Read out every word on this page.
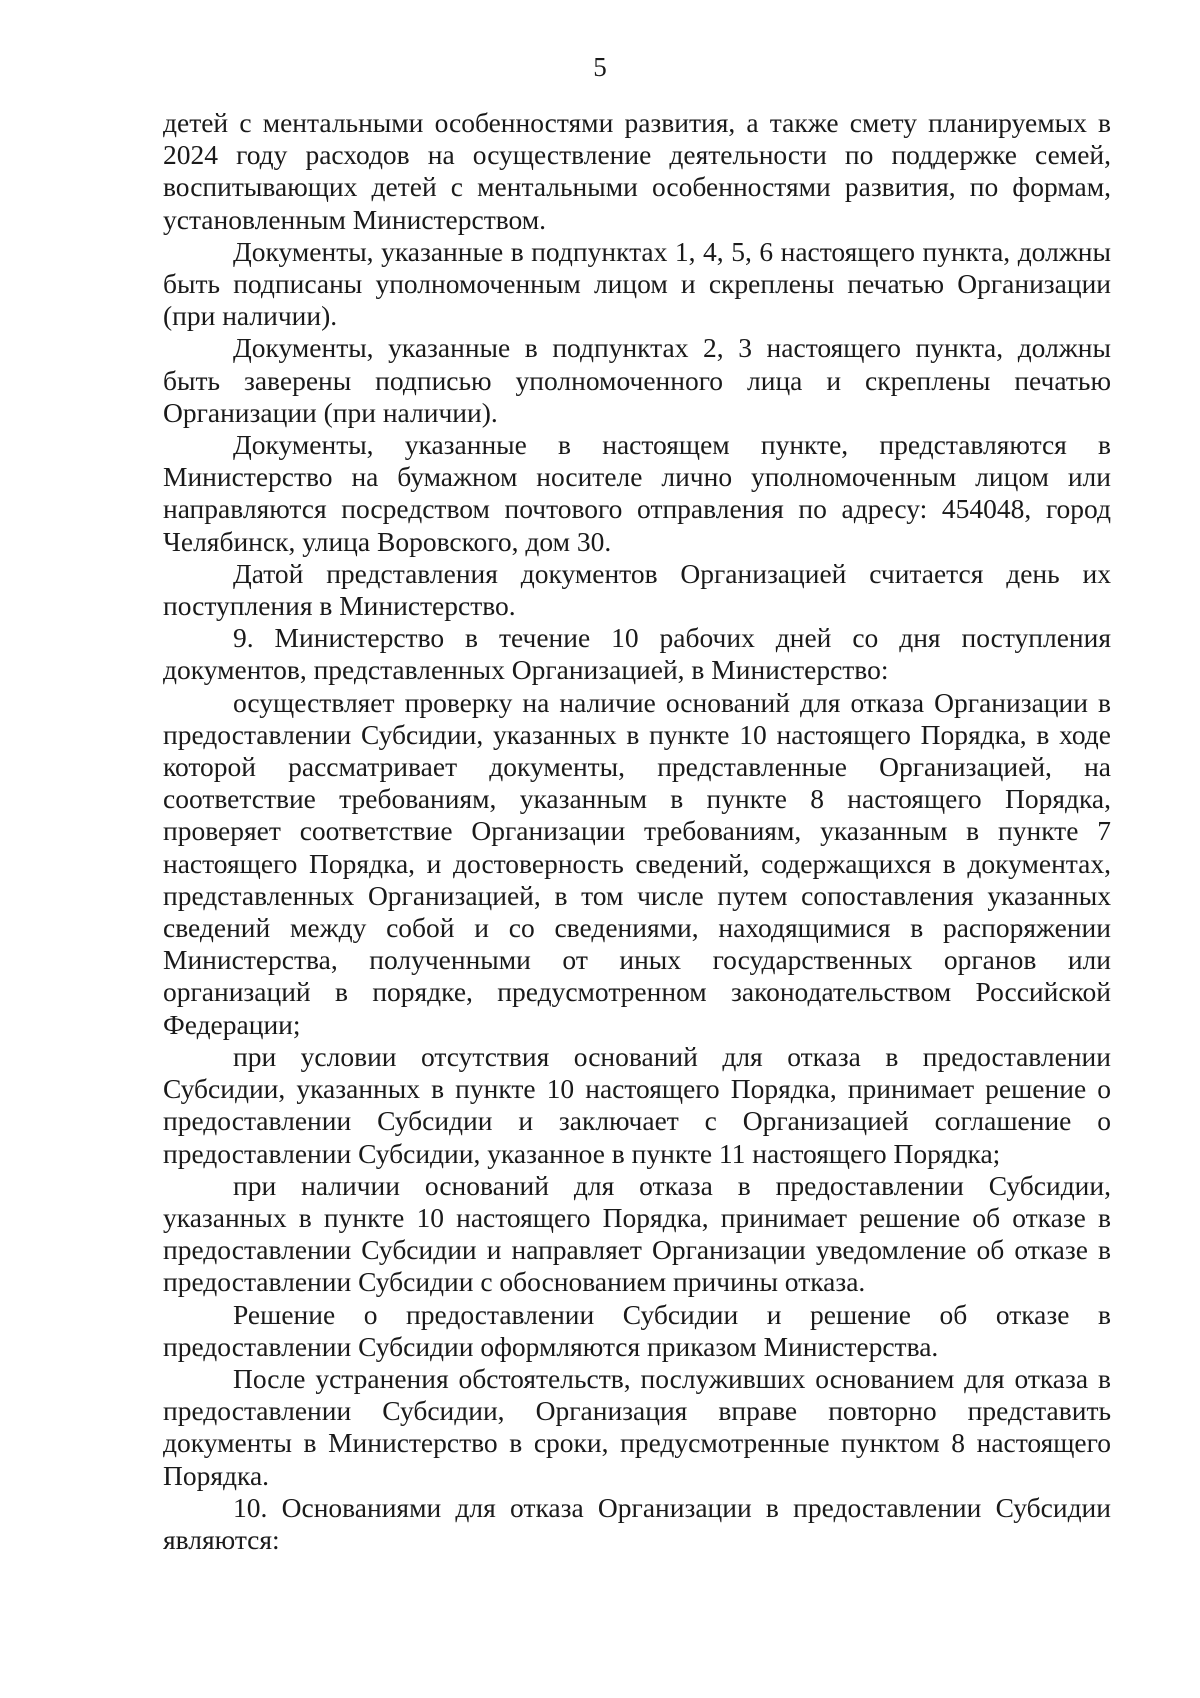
5

детей с ментальными особенностями развития, а также смету планируемых в 2024 году расходов на осуществление деятельности по поддержке семей, воспитывающих детей с ментальными особенностями развития, по формам, установленным Министерством.

Документы, указанные в подпунктах 1, 4, 5, 6 настоящего пункта, должны быть подписаны уполномоченным лицом и скреплены печатью Организации (при наличии).

Документы, указанные в подпунктах 2, 3 настоящего пункта, должны быть заверены подписью уполномоченного лица и скреплены печатью Организации (при наличии).

Документы, указанные в настоящем пункте, представляются в Министерство на бумажном носителе лично уполномоченным лицом или направляются посредством почтового отправления по адресу: 454048, город Челябинск, улица Воровского, дом 30.

Датой представления документов Организацией считается день их поступления в Министерство.

9. Министерство в течение 10 рабочих дней со дня поступления документов, представленных Организацией, в Министерство:

осуществляет проверку на наличие оснований для отказа Организации в предоставлении Субсидии, указанных в пункте 10 настоящего Порядка, в ходе которой рассматривает документы, представленные Организацией, на соответствие требованиям, указанным в пункте 8 настоящего Порядка, проверяет соответствие Организации требованиям, указанным в пункте 7 настоящего Порядка, и достоверность сведений, содержащихся в документах, представленных Организацией, в том числе путем сопоставления указанных сведений между собой и со сведениями, находящимися в распоряжении Министерства, полученными от иных государственных органов или организаций в порядке, предусмотренном законодательством Российской Федерации;

при условии отсутствия оснований для отказа в предоставлении Субсидии, указанных в пункте 10 настоящего Порядка, принимает решение о предоставлении Субсидии и заключает с Организацией соглашение о предоставлении Субсидии, указанное в пункте 11 настоящего Порядка;

при наличии оснований для отказа в предоставлении Субсидии, указанных в пункте 10 настоящего Порядка, принимает решение об отказе в предоставлении Субсидии и направляет Организации уведомление об отказе в предоставлении Субсидии с обоснованием причины отказа.

Решение о предоставлении Субсидии и решение об отказе в предоставлении Субсидии оформляются приказом Министерства.

После устранения обстоятельств, послуживших основанием для отказа в предоставлении Субсидии, Организация вправе повторно представить документы в Министерство в сроки, предусмотренные пунктом 8 настоящего Порядка.

10. Основаниями для отказа Организации в предоставлении Субсидии являются:
